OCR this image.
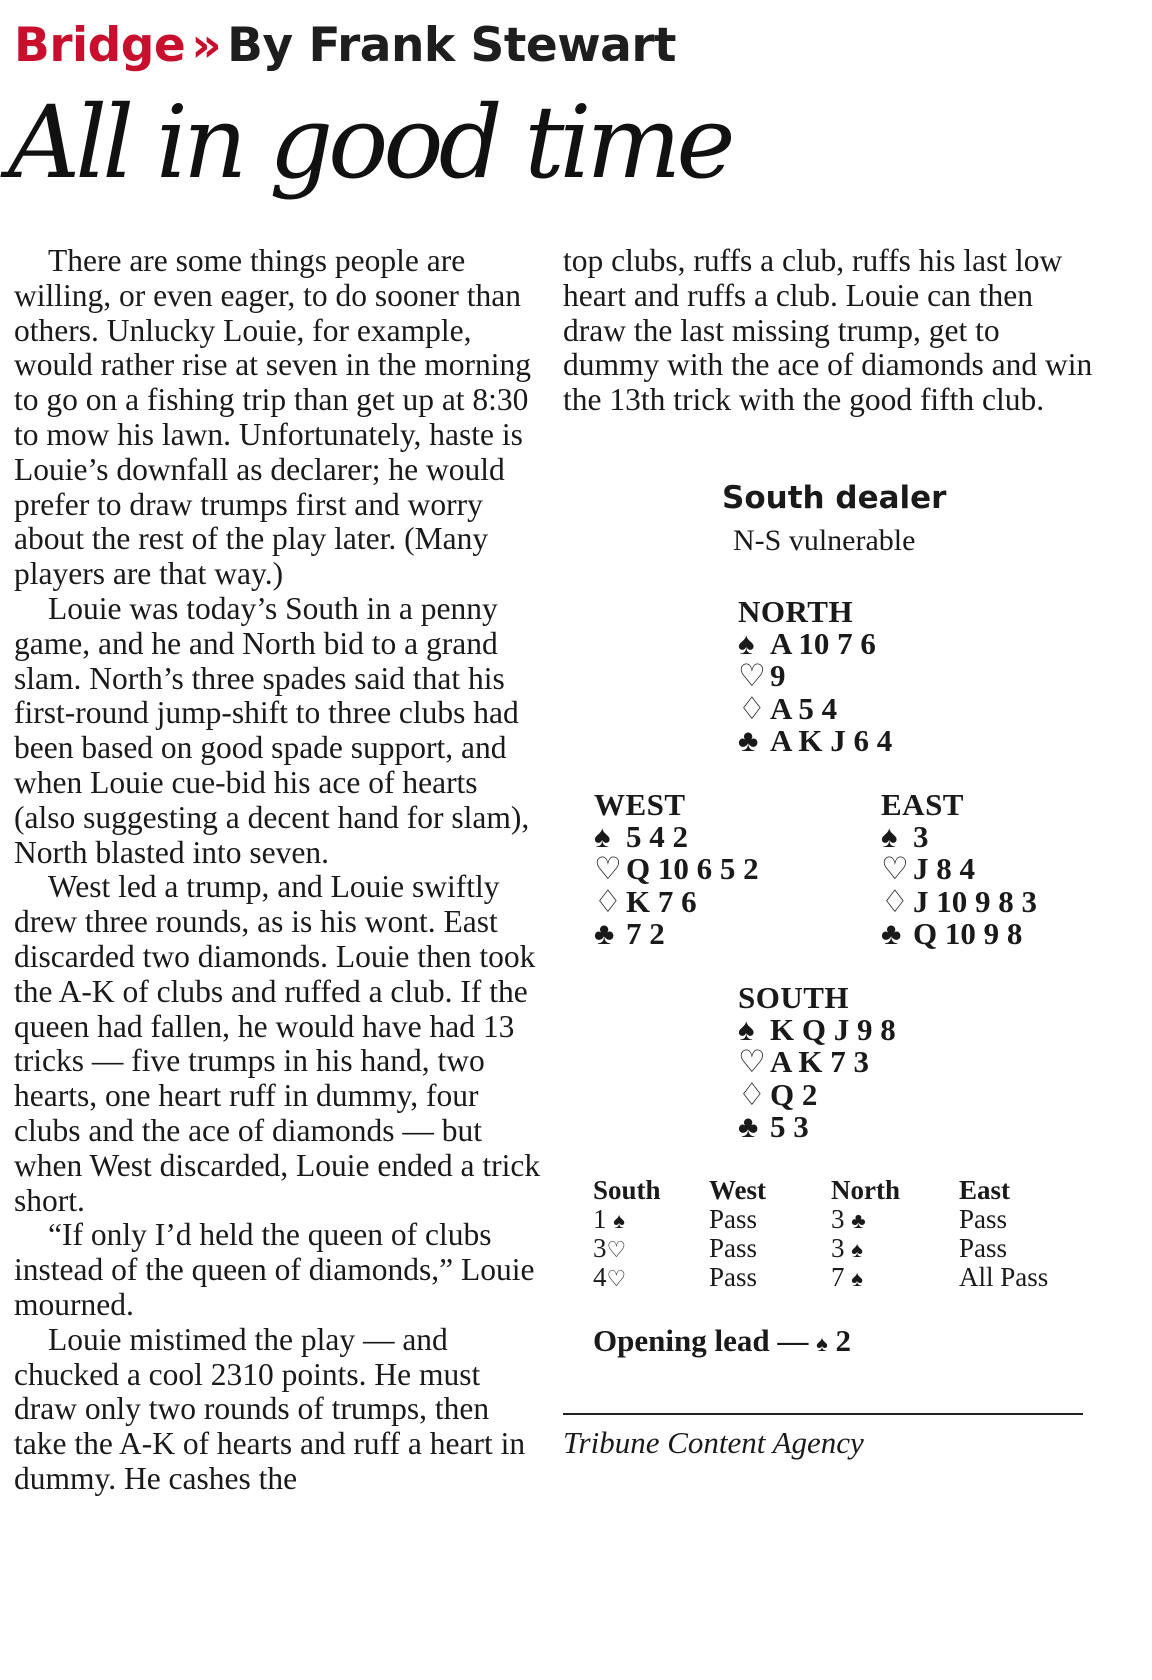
Bridge » By Frank Stewart
All in good time

There are some things people are willing, or even eager, to do sooner than others. Unlucky Louie, for example, would rather rise at seven in the morning to go on a fishing trip than get up at 8:30 to mow his lawn. Unfortunately, haste is Louie’s downfall as declarer; he would prefer to draw trumps first and worry about the rest of the play later. (Many players are that way.)

Louie was today’s South in a penny game, and he and North bid to a grand slam. North’s three spades said that his first-round jump-shift to three clubs had been based on good spade support, and when Louie cue-bid his ace of hearts (also suggesting a decent hand for slam), North blasted into seven.

West led a trump, and Louie swiftly drew three rounds, as is his wont. East discarded two diamonds. Louie then took the A-K of clubs and ruffed a club. If the queen had fallen, he would have had 13 tricks — five trumps in his hand, two hearts, one heart ruff in dummy, four clubs and the ace of diamonds — but when West discarded, Louie ended a trick short.

“If only I’d held the queen of clubs instead of the queen of diamonds,” Louie mourned.

Louie mistimed the play — and chucked a cool 2310 points. He must draw only two rounds of trumps, then take the A-K of hearts and ruff a heart in dummy. He cashes the

top clubs, ruffs a club, ruffs his last low heart and ruffs a club. Louie can then draw the last missing trump, get to dummy with the ace of diamonds and win the 13th trick with the good fifth club.

South dealer
N-S vulnerable
NORTH
♠ A 10 7 6
♡ 9
♢ A 5 4
♣ A K J 6 4
WEST
♠ 5 4 2
♡ Q 10 6 5 2
♢ K 7 6
♣ 7 2
EAST
♠ 3
♡ J 8 4
♢ J 10 9 8 3
♣ Q 10 9 8
SOUTH
♠ K Q J 9 8
♡ A K 7 3
♢ Q 2
♣ 5 3
South
1 ♠
3♡
4♡
West
Pass
Pass
Pass
North
3 ♣
3 ♠
7 ♠
East
Pass
Pass
All Pass
Opening lead — ♠ 2
Tribune Content Agency
